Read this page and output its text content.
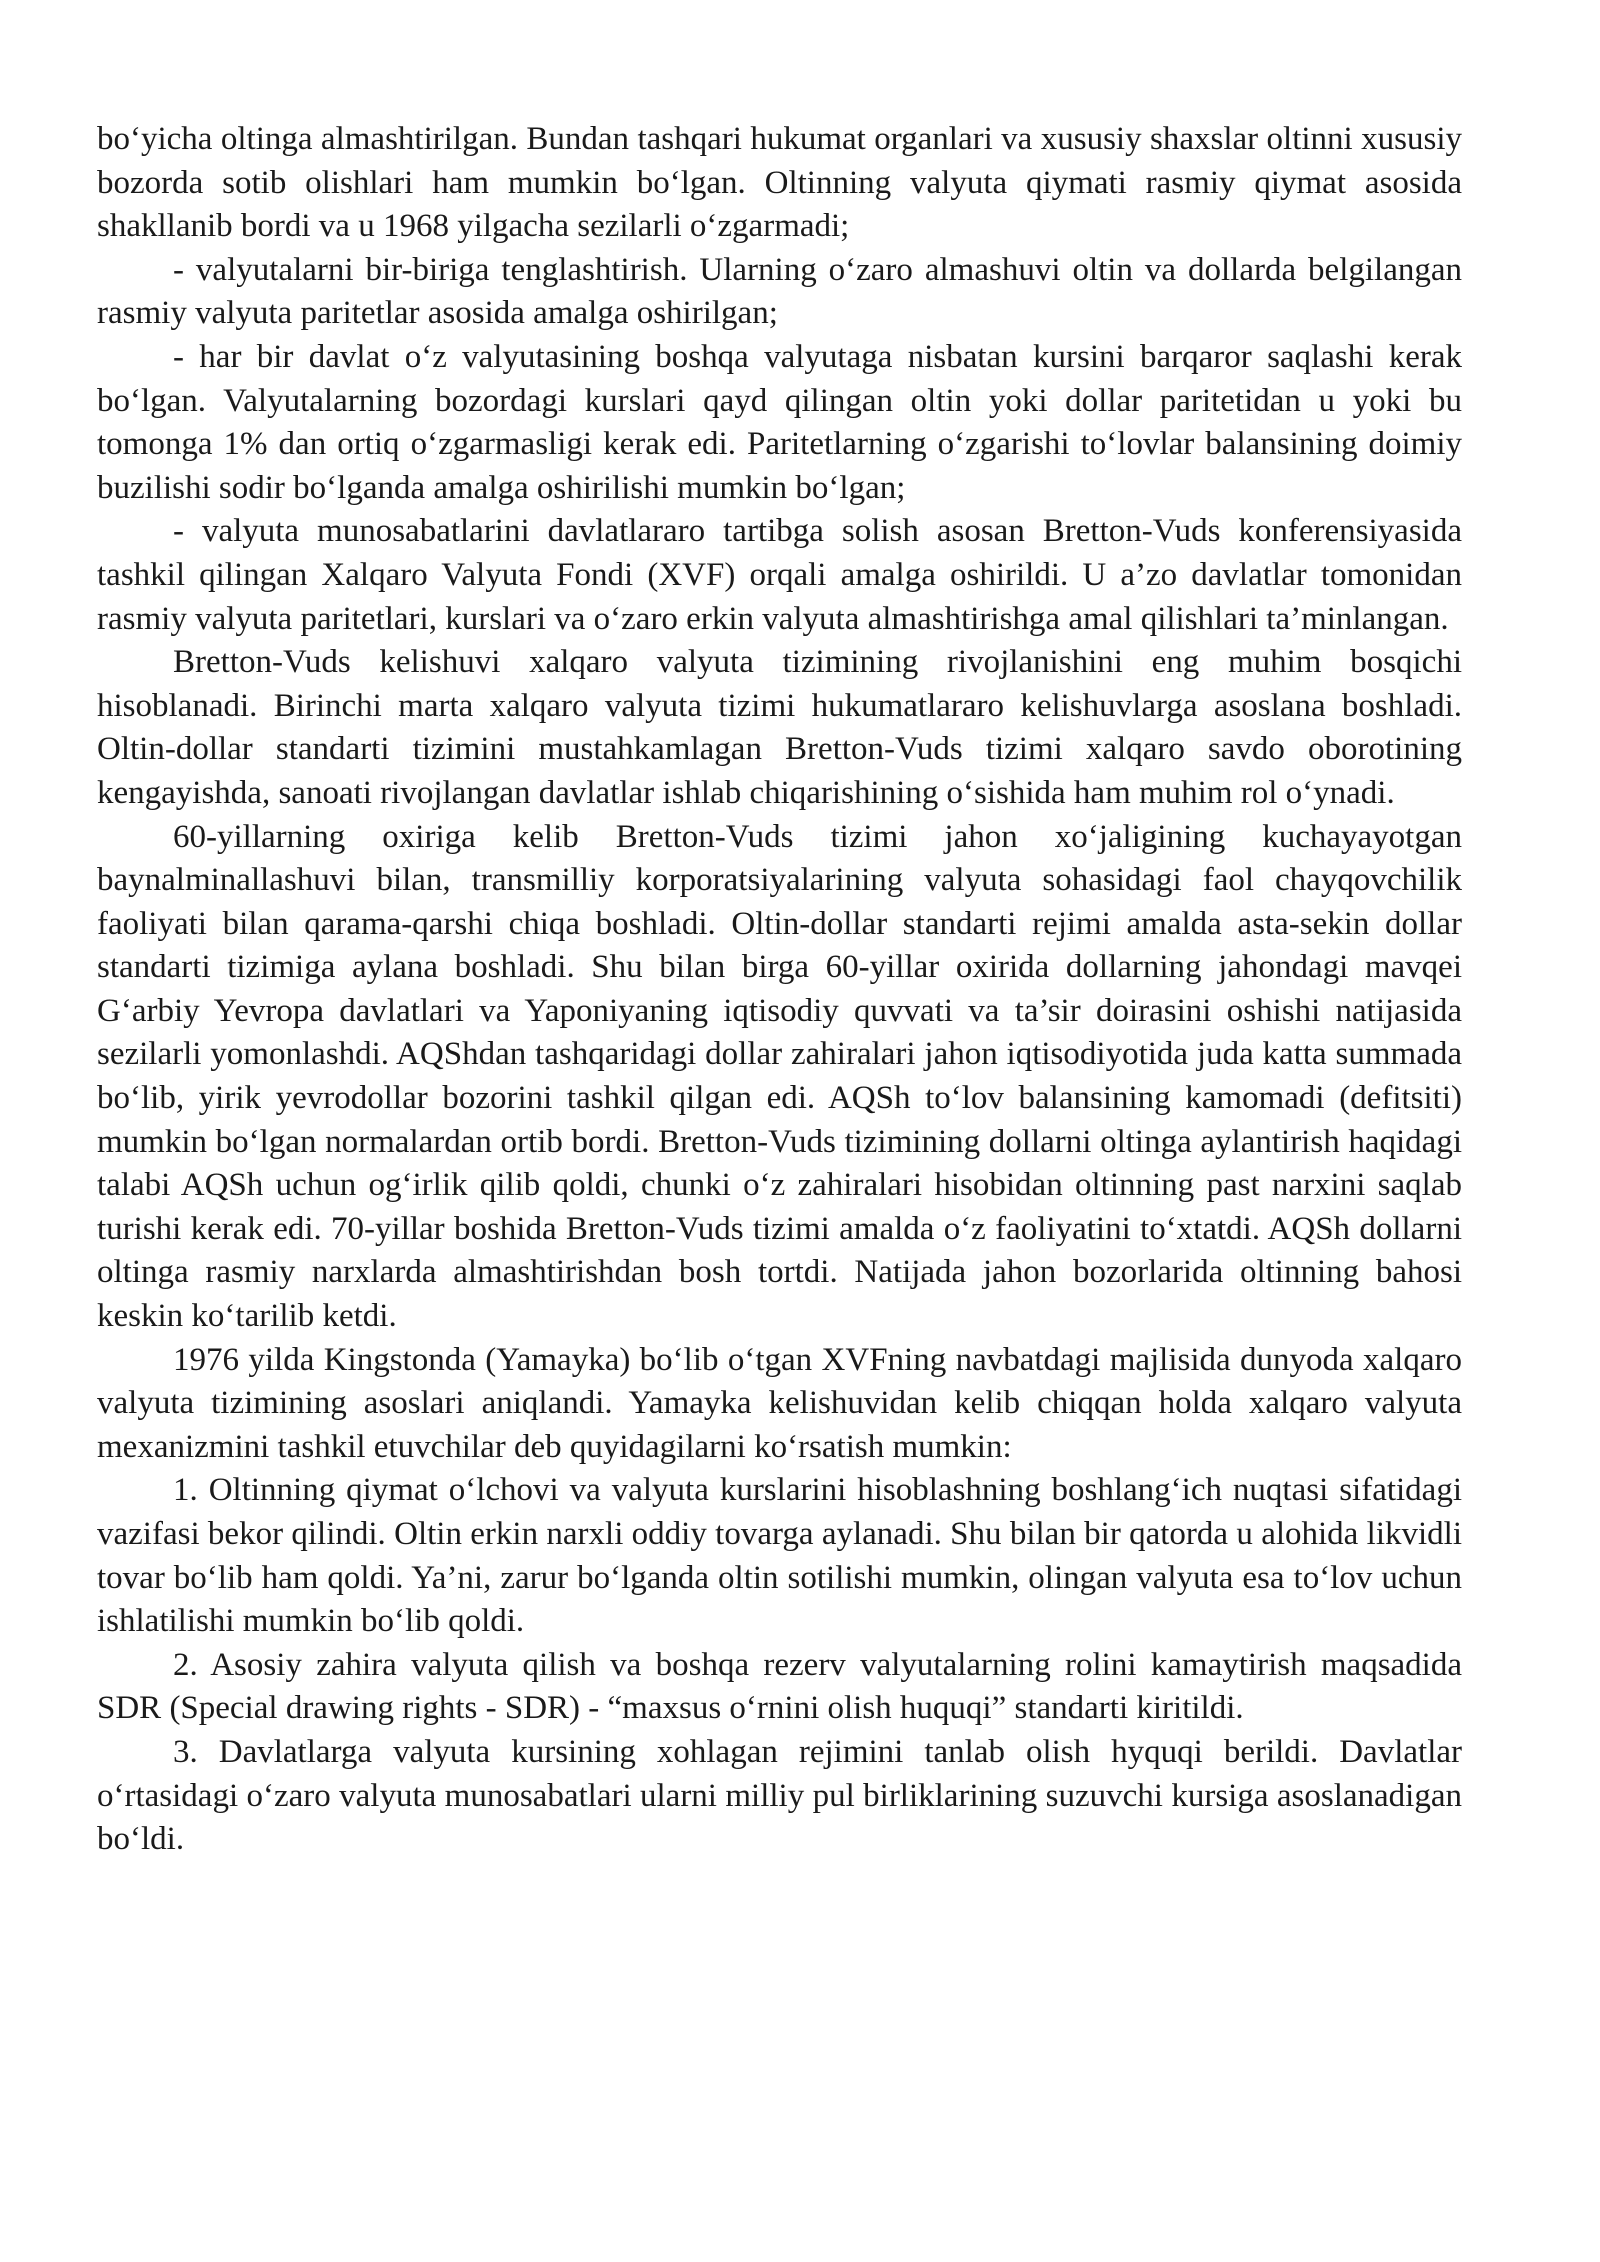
bo‘yicha oltinga almashtirilgan. Bundan tashqari hukumat organlari va xususiy shaxslar oltinni xususiy bozorda sotib olishlari ham mumkin bo‘lgan. Oltinning valyuta qiymati rasmiy qiymat asosida shakllanib bordi va u 1968 yilgacha sezilarli o‘zgarmadi;

- valyutalarni bir-biriga tenglashtirish. Ularning o‘zaro almashuvi oltin va dollarda belgilangan rasmiy valyuta paritetlar asosida amalga oshirilgan;

- har bir davlat o‘z valyutasining boshqa valyutaga nisbatan kursini barqaror saqlashi kerak bo‘lgan. Valyutalarning bozordagi kurslari qayd qilingan oltin yoki dollar paritetidan u yoki bu tomonga 1% dan ortiq o‘zgarmasligi kerak edi. Paritetlarning o‘zgarishi to‘lovlar balansining doimiy buzilishi sodir bo‘lganda amalga oshirilishi mumkin bo‘lgan;

- valyuta munosabatlarini davlatlararo tartibga solish asosan Bretton-Vuds konferensiyasida tashkil qilingan Xalqaro Valyuta Fondi (XVF) orqali amalga oshirildi. U a’zo davlatlar tomonidan rasmiy valyuta paritetlari, kurslari va o‘zaro erkin valyuta almashtirishga amal qilishlari ta’minlangan.

Bretton-Vuds kelishuvi xalqaro valyuta tizimining rivojlanishini eng muhim bosqichi hisoblanadi. Birinchi marta xalqaro valyuta tizimi hukumatlararo kelishuvlarga asoslana boshladi. Oltin-dollar standarti tizimini mustahkamlagan Bretton-Vuds tizimi xalqaro savdo oborotining kengayishda, sanoati rivojlangan davlatlar ishlab chiqarishining o‘sishida ham muhim rol o‘ynadi.

60-yillarning oxiriga kelib Bretton-Vuds tizimi jahon xo‘jaligining kuchayayotgan baynalminallashuvi bilan, transmilliy korporatsiyalarining valyuta sohasidagi faol chayqovchilik faoliyati bilan qarama-qarshi chiqa boshladi. Oltin-dollar standarti rejimi amalda asta-sekin dollar standarti tizimiga aylana boshladi. Shu bilan birga 60-yillar oxirida dollarning jahondagi mavqei G‘arbiy Yevropa davlatlari va Yaponiyaning iqtisodiy quvvati va ta’sir doirasini oshishi natijasida sezilarli yomonlashdi. AQShdan tashqaridagi dollar zahiralari jahon iqtisodiyotida juda katta summada bo‘lib, yirik yevrodollar bozorini tashkil qilgan edi. AQSh to‘lov balansining kamomadi (defitsiti) mumkin bo‘lgan normalardan ortib bordi. Bretton-Vuds tizimining dollarni oltinga aylantirish haqidagi talabi AQSh uchun og‘irlik qilib qoldi, chunki o‘z zahiralari hisobidan oltinning past narxini saqlab turishi kerak edi. 70-yillar boshida Bretton-Vuds tizimi amalda o‘z faoliyatini to‘xtatdi. AQSh dollarni oltinga rasmiy narxlarda almashtirishdan bosh tortdi. Natijada jahon bozorlarida oltinning bahosi keskin ko‘tarilib ketdi.

1976 yilda Kingstonda (Yamayka) bo‘lib o‘tgan XVFning navbatdagi majlisida dunyoda xalqaro valyuta tizimining asoslari aniqlandi. Yamayka kelishuvidan kelib chiqqan holda xalqaro valyuta mexanizmini tashkil etuvchilar deb quyidagilarni ko‘rsatish mumkin:

1. Oltinning qiymat o‘lchovi va valyuta kurslarini hisoblashning boshlang‘ich nuqtasi sifatidagi vazifasi bekor qilindi. Oltin erkin narxli oddiy tovarga aylanadi. Shu bilan bir qatorda u alohida likvidli tovar bo‘lib ham qoldi. Ya’ni, zarur bo‘lganda oltin sotilishi mumkin, olingan valyuta esa to‘lov uchun ishlatilishi mumkin bo‘lib qoldi.

2. Asosiy zahira valyuta qilish va boshqa rezerv valyutalarning rolini kamaytirish maqsadida SDR (Special drawing rights - SDR) - “maxsus o‘rnini olish huquqi” standarti kiritildi.

3. Davlatlarga valyuta kursining xohlagan rejimini tanlab olish hyquqi berildi. Davlatlar o‘rtasidagi o‘zaro valyuta munosabatlari ularni milliy pul birliklarining suzuvchi kursiga asoslanadigan bo‘ldi.
